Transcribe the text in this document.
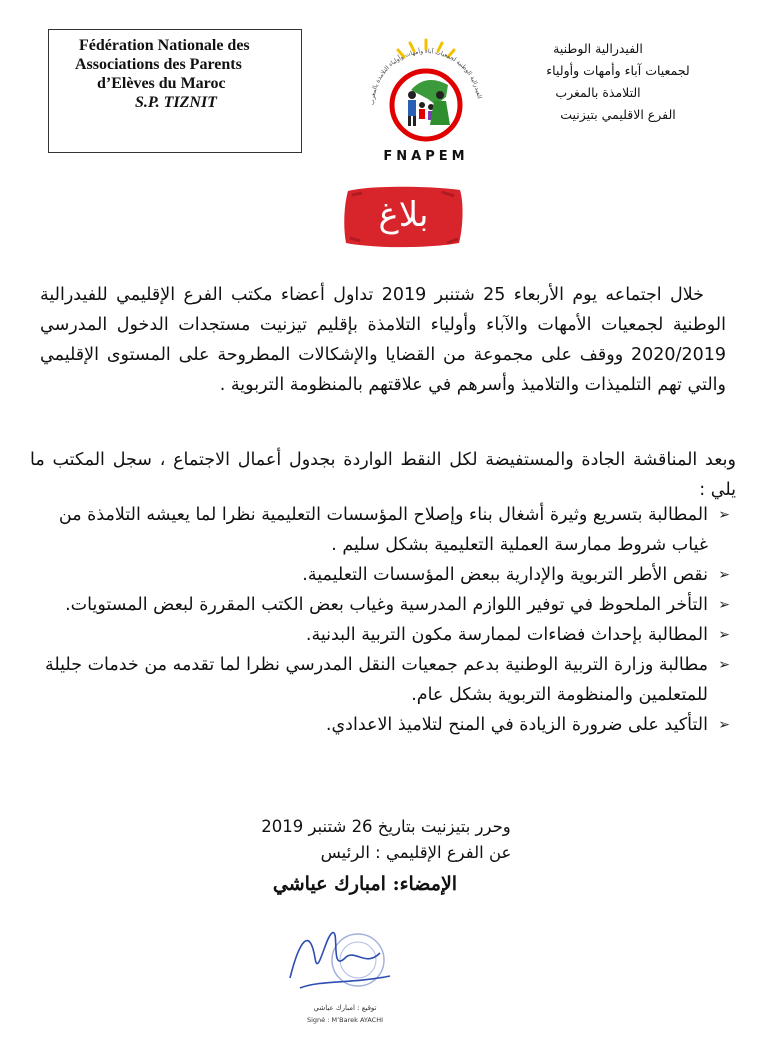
Fédération Nationale des
Associations des Parents
d’Elèves du Maroc
S.P. TIZNIT	الفيدرالية الوطنية لجمعيات آباء وأمهات وأولياء التلامذة بالمغرب
FNAPEM
الفيدرالية الوطنية
لجمعيات آباء وأمهات وأولياء
التلامذة بالمغرب
الفرع الاقليمي بتيزنيت
بلاغ
خلال اجتماعه يوم الأربعاء 25 شتنبر 2019 تداول أعضاء مكتب الفرع الإقليمي للفيدرالية الوطنية لجمعيات الأمهات والآباء وأولياء التلامذة بإقليم تيزنيت مستجدات الدخول المدرسي 2020/2019 ووقف على مجموعة من القضايا والإشكالات المطروحة على المستوى الإقليمي والتي تهم التلميذات والتلاميذ وأسرهم في علاقتهم بالمنظومة التربوية .
وبعد المناقشة الجادة والمستفيضة لكل النقط الواردة بجدول أعمال الاجتماع ، سجل المكتب ما يلي :
➢
المطالبة بتسريع وثيرة أشغال بناء وإصلاح المؤسسات التعليمية نظرا لما يعيشه التلامذة من غياب شروط ممارسة العملية التعليمية بشكل سليم .
➢
نقص الأطر التربوية والإدارية ببعض المؤسسات التعليمية.
➢
التأخر الملحوظ في توفير اللوازم المدرسية وغياب بعض الكتب المقررة لبعض المستويات.
➢
المطالبة بإحداث فضاءات لممارسة مكون التربية البدنية.
➢
مطالبة وزارة التربية الوطنية بدعم جمعيات النقل المدرسي نظرا لما تقدمه من خدمات جليلة للمتعلمين والمنظومة التربوية بشكل عام.
➢
التأكيد على ضرورة الزيادة في المنح لتلاميذ الاعدادي.
وحرر بتيزنيت بتاريخ 26 شتنبر 2019
عن الفرع الإقليمي : الرئيس
الإمضاء: امبارك عياشي
توقيع : امبارك عياشي
Signé : M’Barek AYACHI
